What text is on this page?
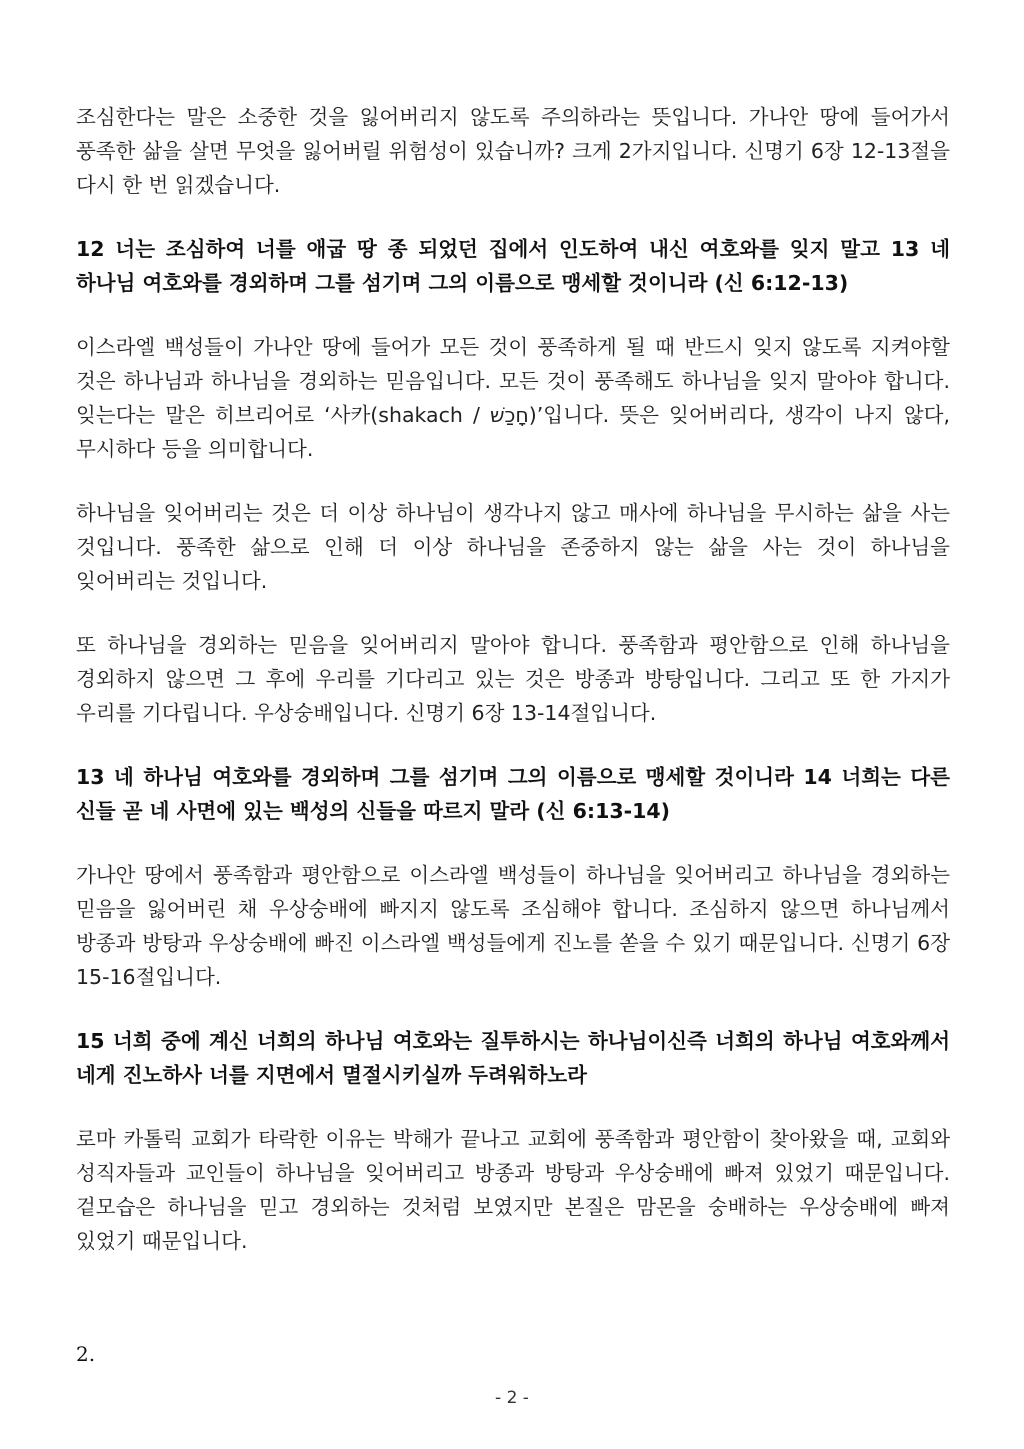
조심한다는 말은 소중한 것을 잃어버리지 않도록 주의하라는 뜻입니다. 가나안 땅에 들어가서 풍족한 삶을 살면 무엇을 잃어버릴 위험성이 있습니까? 크게 2가지입니다. 신명기 6장 12-13절을 다시 한 번 읽겠습니다.

12 너는 조심하여 너를 애굽 땅 종 되었던 집에서 인도하여 내신 여호와를 잊지 말고 13 네 하나님 여호와를 경외하며 그를 섬기며 그의 이름으로 맹세할 것이니라 (신 6:12-13)

이스라엘 백성들이 가나안 땅에 들어가 모든 것이 풍족하게 될 때 반드시 잊지 않도록 지켜야할 것은 하나님과 하나님을 경외하는 믿음입니다. 모든 것이 풍족해도 하나님을 잊지 말아야 합니다. 잊는다는 말은 히브리어로 ‘사카(shakach / חָכַשׁ)’입니다. 뜻은 잊어버리다, 생각이 나지 않다, 무시하다 등을 의미합니다.

하나님을 잊어버리는 것은 더 이상 하나님이 생각나지 않고 매사에 하나님을 무시하는 삶을 사는 것입니다. 풍족한 삶으로 인해 더 이상 하나님을 존중하지 않는 삶을 사는 것이 하나님을 잊어버리는 것입니다.

또 하나님을 경외하는 믿음을 잊어버리지 말아야 합니다. 풍족함과 평안함으로 인해 하나님을 경외하지 않으면 그 후에 우리를 기다리고 있는 것은 방종과 방탕입니다. 그리고 또 한 가지가 우리를 기다립니다. 우상숭배입니다. 신명기 6장 13-14절입니다.

13 네 하나님 여호와를 경외하며 그를 섬기며 그의 이름으로 맹세할 것이니라 14 너희는 다른 신들 곧 네 사면에 있는 백성의 신들을 따르지 말라 (신 6:13-14)

가나안 땅에서 풍족함과 평안함으로 이스라엘 백성들이 하나님을 잊어버리고 하나님을 경외하는 믿음을 잃어버린 채 우상숭배에 빠지지 않도록 조심해야 합니다. 조심하지 않으면 하나님께서 방종과 방탕과 우상숭배에 빠진 이스라엘 백성들에게 진노를 쏟을 수 있기 때문입니다. 신명기 6장 15-16절입니다.

15 너희 중에 계신 너희의 하나님 여호와는 질투하시는 하나님이신즉 너희의 하나님 여호와께서 네게 진노하사 너를 지면에서 멸절시키실까 두려워하노라

로마 카톨릭 교회가 타락한 이유는 박해가 끝나고 교회에 풍족함과 평안함이 찾아왔을 때, 교회와 성직자들과 교인들이 하나님을 잊어버리고 방종과 방탕과 우상숭배에 빠져 있었기 때문입니다. 겉모습은 하나님을 믿고 경외하는 것처럼 보였지만 본질은 맘몬을 숭배하는 우상숭배에 빠져 있었기 때문입니다.

2.
- 2 -
